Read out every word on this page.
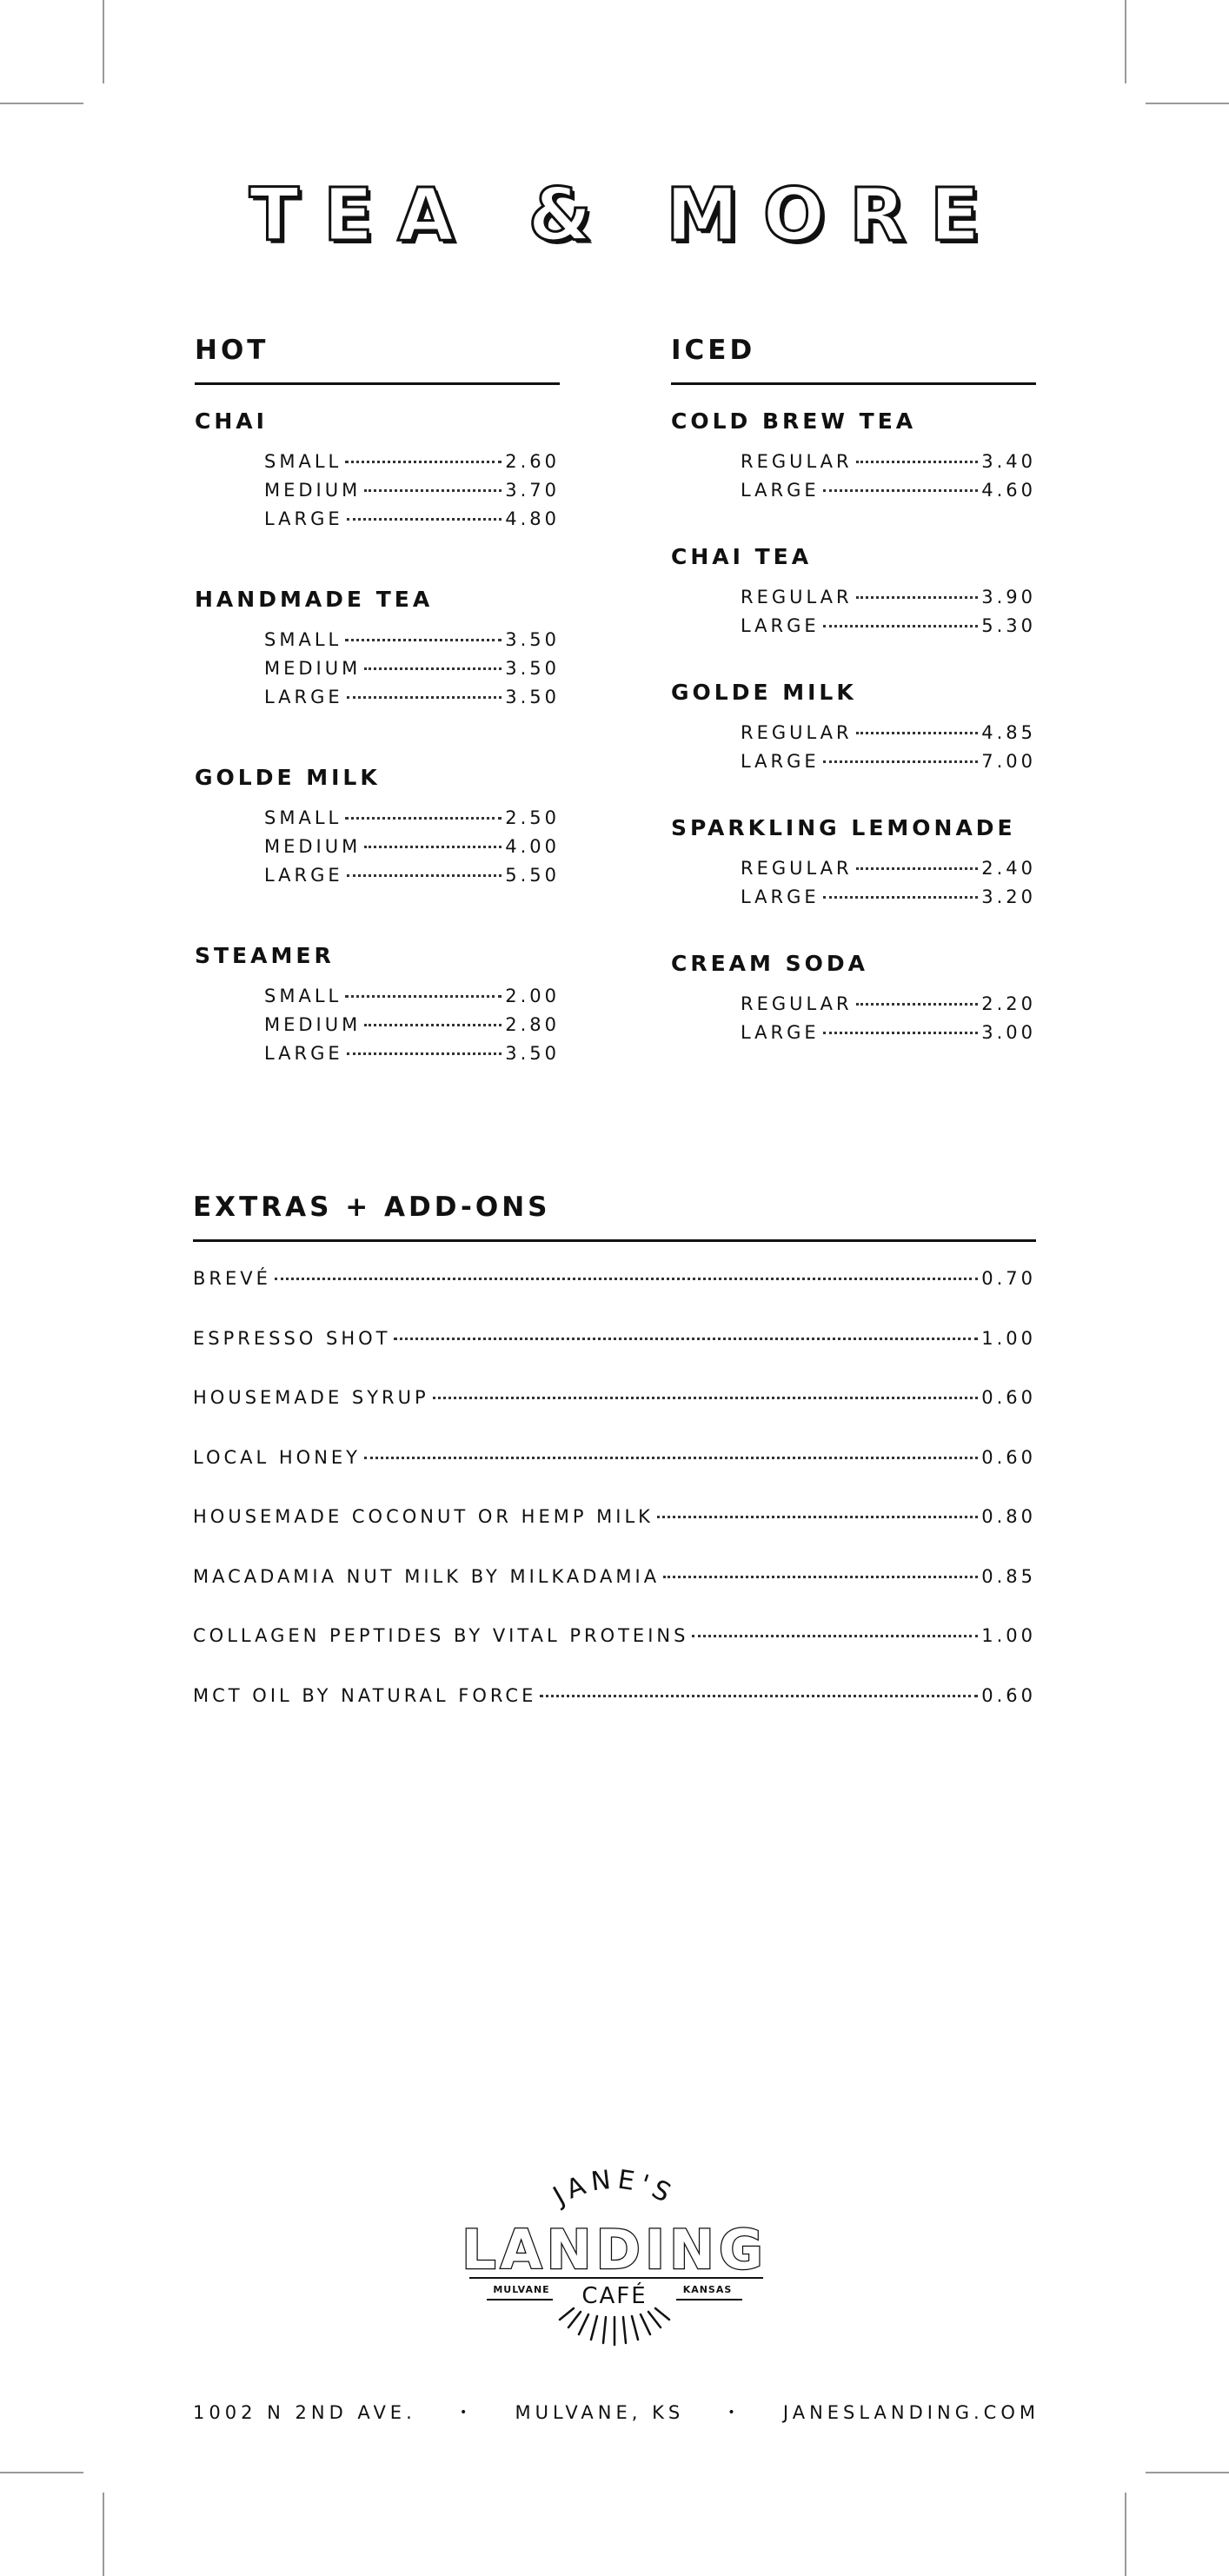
TEA & MORE
HOT
CHAI
SMALL	2.60
MEDIUM	3.70
LARGE	4.80
HANDMADE TEA
SMALL	3.50
MEDIUM	3.50
LARGE	3.50
GOLDE MILK
SMALL	2.50
MEDIUM	4.00
LARGE	5.50
STEAMER
SMALL	2.00
MEDIUM	2.80
LARGE	3.50
ICED
COLD BREW TEA
REGULAR	3.40
LARGE	4.60
CHAI TEA
REGULAR	3.90
LARGE	5.30
GOLDE MILK
REGULAR	4.85
LARGE	7.00
SPARKLING LEMONADE
REGULAR	2.40
LARGE	3.20
CREAM SODA
REGULAR	2.20
LARGE	3.00
EXTRAS + ADD-ONS
BREVÉ	0.70
ESPRESSO SHOT	1.00
HOUSEMADE SYRUP	0.60
LOCAL HONEY	0.60
HOUSEMADE COCONUT OR HEMP MILK	0.80
MACADAMIA NUT MILK BY MILKADAMIA	0.85
COLLAGEN PEPTIDES BY VITAL PROTEINS	1.00
MCT OIL BY NATURAL FORCE	0.60
JANE'S
LANDING
MULVANE	KANSAS
CAFÉ
1002 N 2ND AVE.	• MULVANE, KS	• JANESLANDING.COM
